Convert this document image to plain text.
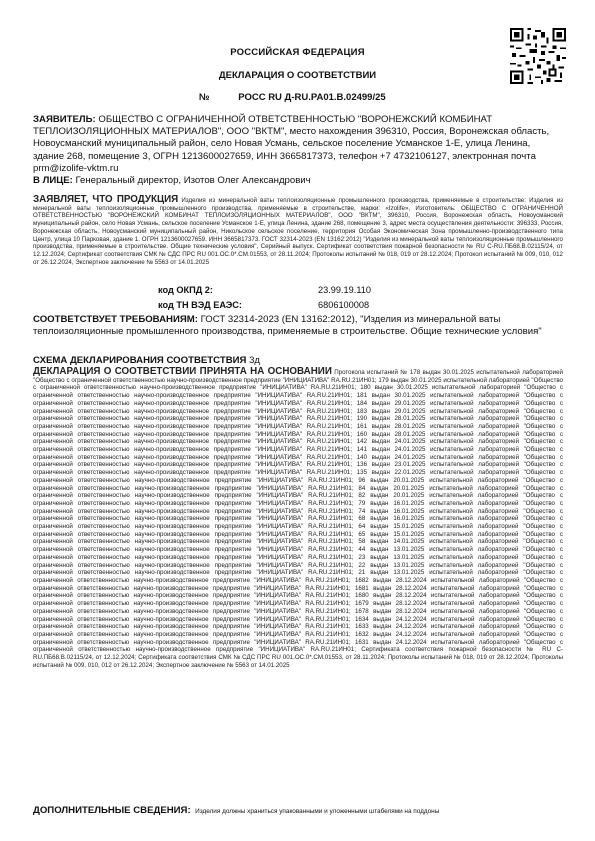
РОССИЙСКАЯ ФЕДЕРАЦИЯ
ДЕКЛАРАЦИЯ О СООТВЕТСТВИИ
№	РОСС RU Д-RU.PA01.B.02499/25
ЗАЯВИТЕЛЬ: ОБЩЕСТВО С ОГРАНИЧЕННОЙ ОТВЕТСТВЕННОСТЬЮ "ВОРОНЕЖСКИЙ КОМБИНАТ ТЕПЛОИЗОЛЯЦИОННЫХ МАТЕРИАЛОВ", ООО "ВКТМ", место нахождения 396310, Россия, Воронежская область, Новоусманский муниципальный район, село Новая Усмань, сельское поселение Усманское 1-Е, улица Ленина, здание 268, помещение 3, ОГРН 1213600027659, ИНН 3665817373, телефон +7 4732106127, электронная почта prm@izolife-vktm.ru
В ЛИЦЕ: Генеральный директор, Изотов Олег Александрович
ЗАЯВЛЯЕТ, ЧТО ПРОДУКЦИЯ Изделия из минеральной ваты теплоизоляционные промышленного производства, применяемые в строительстве: Изделия из минеральной ваты теплоизоляционные промышленного производства, применяемые в строительстве, марки: «Izolife», Изготовитель: ОБЩЕСТВО С ОГРАНИЧЕННОЙ ОТВЕТСТВЕННОСТЬЮ "ВОРОНЕЖСКИЙ КОМБИНАТ ТЕПЛОИЗОЛЯЦИОННЫХ МАТЕРИАЛОВ", ООО "ВКТМ", 396310, Россия, Воронежская область, Новоусманский муниципальный район, село Новая Усмань, сельское поселение Усманское 1-Е, улица Ленина, здание 268, помещение 3, адрес места осуществления деятельности: 396333, Россия, Воронежская область, Новоусманский муниципальный район, Никольское сельское поселение, территория Особая Экономическая Зона промышленно-производственного типа Центр, улица 10 Парковая, здание 1. ОГРН 1213600027659. ИНН 3665817373. ГОСТ 32314-2023 (EN 13162:2012) "Изделия из минеральной ваты теплоизоляционные промышленного производства, применяемые в строительстве. Общие технические условия", Серийный выпуск. Сертификат соответствия пожарной безопасности № RU С-RU.ПБ68.В.02115/24, от 12.12.2024; Сертификат соответствия СМК № СДС ПРС RU 001.OC.0*.CM.01553, от 28.11.2024; Протоколы испытаний № 018, 019 от 28.12.2024; Протокол испытаний № 009, 010, 012 от 26.12.2024, Экспертное заключение № 5563 от 14.01.2025
код ОКПД 2:	23.99.19.110
код ТН ВЭД ЕАЭС:	6806100008
СООТВЕТСТВУЕТ ТРЕБОВАНИЯМ: ГОСТ 32314-2023 (EN 13162:2012), "Изделия из минеральной ваты теплоизоляционные промышленного производства, применяемые в строительстве. Общие технические условия"
СХЕМА ДЕКЛАРИРОВАНИЯ СООТВЕТСТВИЯ 3д
ДЕКЛАРАЦИЯ О СООТВЕТСТВИИ ПРИНЯТА НА ОСНОВАНИИ Протокола испытаний № 178 выдан 30.01.2025 испытательной лабораторией "Общество с ограниченной ответственностью научно-производственное предприятие "ИНИЦИАТИВА" RA.RU.21ИН01; 179 выдан 30.01.2025 испытательной лабораторией "Общество с ограниченной ответственностью научно-производственное предприятие "ИНИЦИАТИВА" RA.RU.21ИН01; 180 выдан 30.01.2025 испытательной лабораторией "Общество с ограниченной ответственностью научно-производственное предприятие "ИНИЦИАТИВА" RA.RU.21ИН01; 181 выдан 30.01.2025 испытательной лабораторией "Общество с ограниченной ответственностью научно-производственное предприятие "ИНИЦИАТИВА" RA.RU.21ИН01; 184 выдан 29.01.2025 испытательной лабораторией "Общество с ограниченной ответственностью научно-производственное предприятие "ИНИЦИАТИВА" RA.RU.21ИН01; 183 выдан 29.01.2025 испытательной лабораторией "Общество с ограниченной ответственностью научно-производственное предприятие "ИНИЦИАТИВА" RA.RU.21ИН01; 190 выдан 28.01.2025 испытательной лабораторией "Общество с ограниченной ответственностью научно-производственное предприятие "ИНИЦИАТИВА" RA.RU.21ИН01; 161 выдан 28.01.2025 испытательной лабораторией "Общество с ограниченной ответственностью научно-производственное предприятие "ИНИЦИАТИВА" RA.RU.21ИН01; 160 выдан 28.01.2025 испытательной лабораторией "Общество с ограниченной ответственностью научно-производственное предприятие "ИНИЦИАТИВА" RA.RU.21ИН01; 142 выдан 24.01.2025 испытательной лабораторией "Общество с ограниченной ответственностью научно-производственное предприятие "ИНИЦИАТИВА" RA.RU.21ИН01; 141 выдан 24.01.2025 испытательной лабораторией "Общество с ограниченной ответственностью научно-производственное предприятие "ИНИЦИАТИВА" RA.RU.21ИН01; 140 выдан 24.01.2025 испытательной лабораторией "Общество с ограниченной ответственностью научно-производственное предприятие "ИНИЦИАТИВА" RA.RU.21ИН01; 136 выдан 23.01.2025 испытательной лабораторией "Общество с ограниченной ответственностью научно-производственное предприятие "ИНИЦИАТИВА" RA.RU.21ИН01; 135 выдан 22.01.2025 испытательной лабораторией "Общество с ограниченной ответственностью научно-производственное предприятие "ИНИЦИАТИВА" RA.RU.21ИН01; 96 выдан 20.01.2025 испытательной лабораторией "Общество с ограниченной ответственностью научно-производственное предприятие "ИНИЦИАТИВА" RA.RU.21ИН01; 84 выдан 20.01.2025 испытательной лабораторией "Общество с ограниченной ответственностью научно-производственное предприятие "ИНИЦИАТИВА" RA.RU.21ИН01; 82 выдан 20.01.2025 испытательной лабораторией "Общество с ограниченной ответственностью научно-производственное предприятие "ИНИЦИАТИВА" RA.RU.21ИН01; 79 выдан 16.01.2025 испытательной лабораторией "Общество с ограниченной ответственностью научно-производственное предприятие "ИНИЦИАТИВА" RA.RU.21ИН01; 74 выдан 16.01.2025 испытательной лабораторией "Общество с ограниченной ответственностью научно-производственное предприятие "ИНИЦИАТИВА" RA.RU.21ИН01; 68 выдан 16.01.2025 испытательной лабораторией "Общество с ограниченной ответственностью научно-производственное предприятие "ИНИЦИАТИВА" RA.RU.21ИН01; 64 выдан 15.01.2025 испытательной лабораторией "Общество с ограниченной ответственностью научно-производственное предприятие "ИНИЦИАТИВА" RA.RU.21ИН01; 65 выдан 15.01.2025 испытательной лабораторией "Общество с ограниченной ответственностью научно-производственное предприятие "ИНИЦИАТИВА" RA.RU.21ИН01; 58 выдан 14.01.2025 испытательной лабораторией "Общество с ограниченной ответственностью научно-производственное предприятие "ИНИЦИАТИВА" RA.RU.21ИН01; 44 выдан 13.01.2025 испытательной лабораторией "Общество с ограниченной ответственностью научно-производственное предприятие "ИНИЦИАТИВА" RA.RU.21ИН01; 23 выдан 13.01.2025 испытательной лабораторией "Общество с ограниченной ответственностью научно-производственное предприятие "ИНИЦИАТИВА" RA.RU.21ИН01; 22 выдан 13.01.2025 испытательной лабораторией "Общество с ограниченной ответственностью научно-производственное предприятие "ИНИЦИАТИВА" RA.RU.21ИН01; 21 выдан 13.01.2025 испытательной лабораторией "Общество с ограниченной ответственностью научно-производственное предприятие "ИНИЦИАТИВА" RA.RU.21ИН01; 1682 выдан 28.12.2024 испытательной лабораторией "Общество с ограниченной ответственностью научно-производственное предприятие "ИНИЦИАТИВА" RA.RU.21ИН01; 1681 выдан 28.12.2024 испытательной лабораторией "Общество с ограниченной ответственностью научно-производственное предприятие "ИНИЦИАТИВА" RA.RU.21ИН01; 1680 выдан 28.12.2024 испытательной лабораторией "Общество с ограниченной ответственностью научно-производственное предприятие "ИНИЦИАТИВА" RA.RU.21ИН01; 1679 выдан 28.12.2024 испытательной лабораторией "Общество с ограниченной ответственностью научно-производственное предприятие "ИНИЦИАТИВА" RA.RU.21ИН01; 1678 выдан 28.12.2024 испытательной лабораторией "Общество с ограниченной ответственностью научно-производственное предприятие "ИНИЦИАТИВА" RA.RU.21ИН01; 1634 выдан 24.12.2024 испытательной лабораторией "Общество с ограниченной ответственностью научно-производственное предприятие "ИНИЦИАТИВА" RA.RU.21ИН01; 1633 выдан 24.12.2024 испытательной лабораторией "Общество с ограниченной ответственностью научно-производственное предприятие "ИНИЦИАТИВА" RA.RU.21ИН01; 1632 выдан 24.12.2024 испытательной лабораторией "Общество с ограниченной ответственностью научно-производственное предприятие "ИНИЦИАТИВА" RA.RU.21ИН01; 1631 выдан 24.12.2024 испытательной лабораторией "Общество с ограниченной ответственностью научно-производственное предприятие "ИНИЦИАТИВА" RA.RU.21ИН01; Сертификата соответствия пожарной безопасности № RU С-RU.ПБ68.В.02115/24, от 12.12.2024; Сертификата соответствия СМК № СДС ПРС RU 001.OC.0*.CM.01553, от 28.11.2024; Протоколы испытаний № 018, 019 от 28.12.2024; Протоколы испытаний № 009, 010, 012 от 26.12.2024; Экспертное заключение № 5563 от 14.01.2025
ДОПОЛНИТЕЛЬНЫЕ СВЕДЕНИЯ: Изделия должны храниться упакованными и уложенными штабелями на поддоны
